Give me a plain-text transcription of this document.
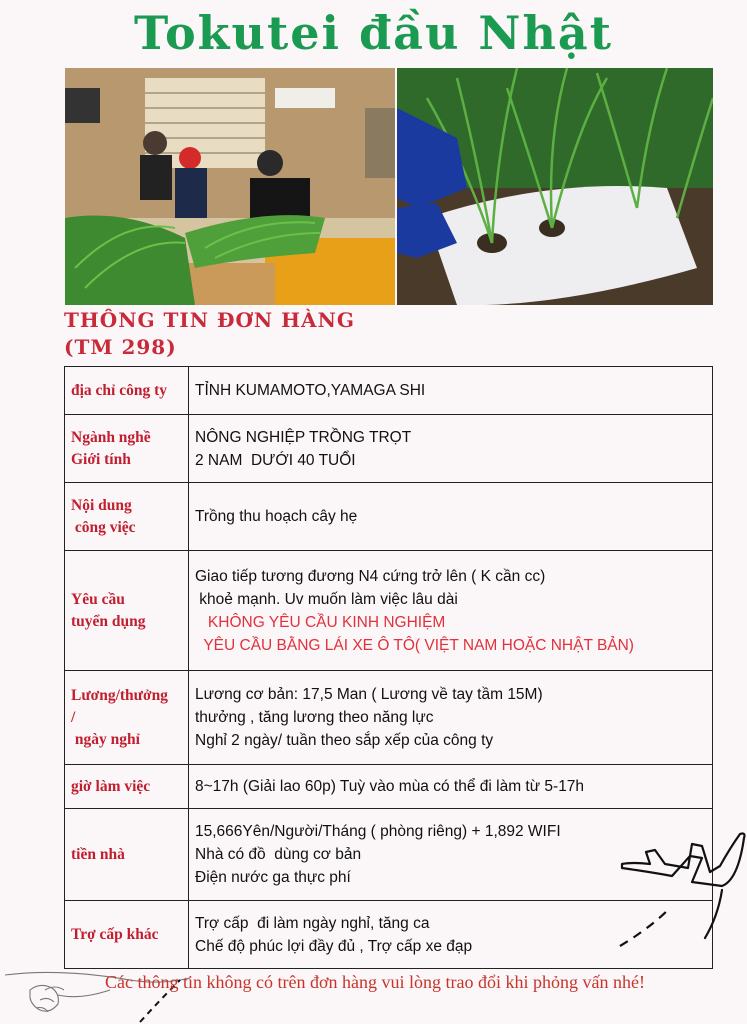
Tokutei đầu Nhật
THÔNG TIN ĐƠN HÀNG
(TM 298)
địa chỉ công ty	TỈNH KUMAMOTO,YAMAGA SHI

Ngành nghề
Giới tính	NÔNG NGHIỆP TRỒNG TRỌT
2 NAM  DƯỚI 40 TUỔI

Nội dung
công việc	Trồng thu hoạch cây hẹ

Yêu cầu
tuyển dụng	Giao tiếp tương đương N4 cứng trở lên ( K cần cc)
khoẻ mạnh. Uv muốn làm việc lâu dài
KHÔNG YÊU CẦU KINH NGHIỆM
YÊU CẦU BẰNG LÁI XE Ô TÔ( VIỆT NAM HOẶC NHẬT BẢN)

Lương/thưởng
/
ngày nghỉ	Lương cơ bản: 17,5 Man ( Lương về tay tầm 15M)
thưởng , tăng lương theo năng lực
Nghỉ 2 ngày/ tuần theo sắp xếp của công ty

giờ làm việc	8~17h (Giải lao 60p) Tuỳ vào mùa có thể đi làm từ 5-17h

tiền nhà	15,666Yên/Người/Tháng ( phòng riêng) + 1,892 WIFI
Nhà có đồ  dùng cơ bản
Điện nước ga thực phí

Trợ cấp khác	Trợ cấp  đi làm ngày nghỉ, tăng ca
Chế độ phúc lợi đầy đủ , Trợ cấp xe đạp
Các thông tin không có trên đơn hàng vui lòng trao đổi khi phỏng vấn nhé!
